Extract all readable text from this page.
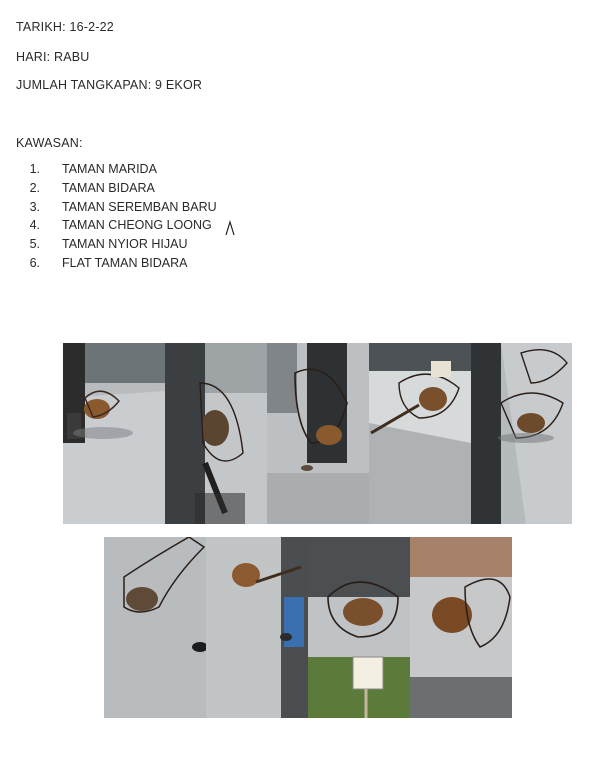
TARIKH: 16-2-22
HARI: RABU
JUMLAH TANGKAPAN: 9 EKOR
KAWASAN:
1. TAMAN MARIDA
2. TAMAN BIDARA
3. TAMAN SEREMBAN BARU
4. TAMAN CHEONG LOONG
5. TAMAN NYIOR HIJAU
6. FLAT TAMAN BIDARA
